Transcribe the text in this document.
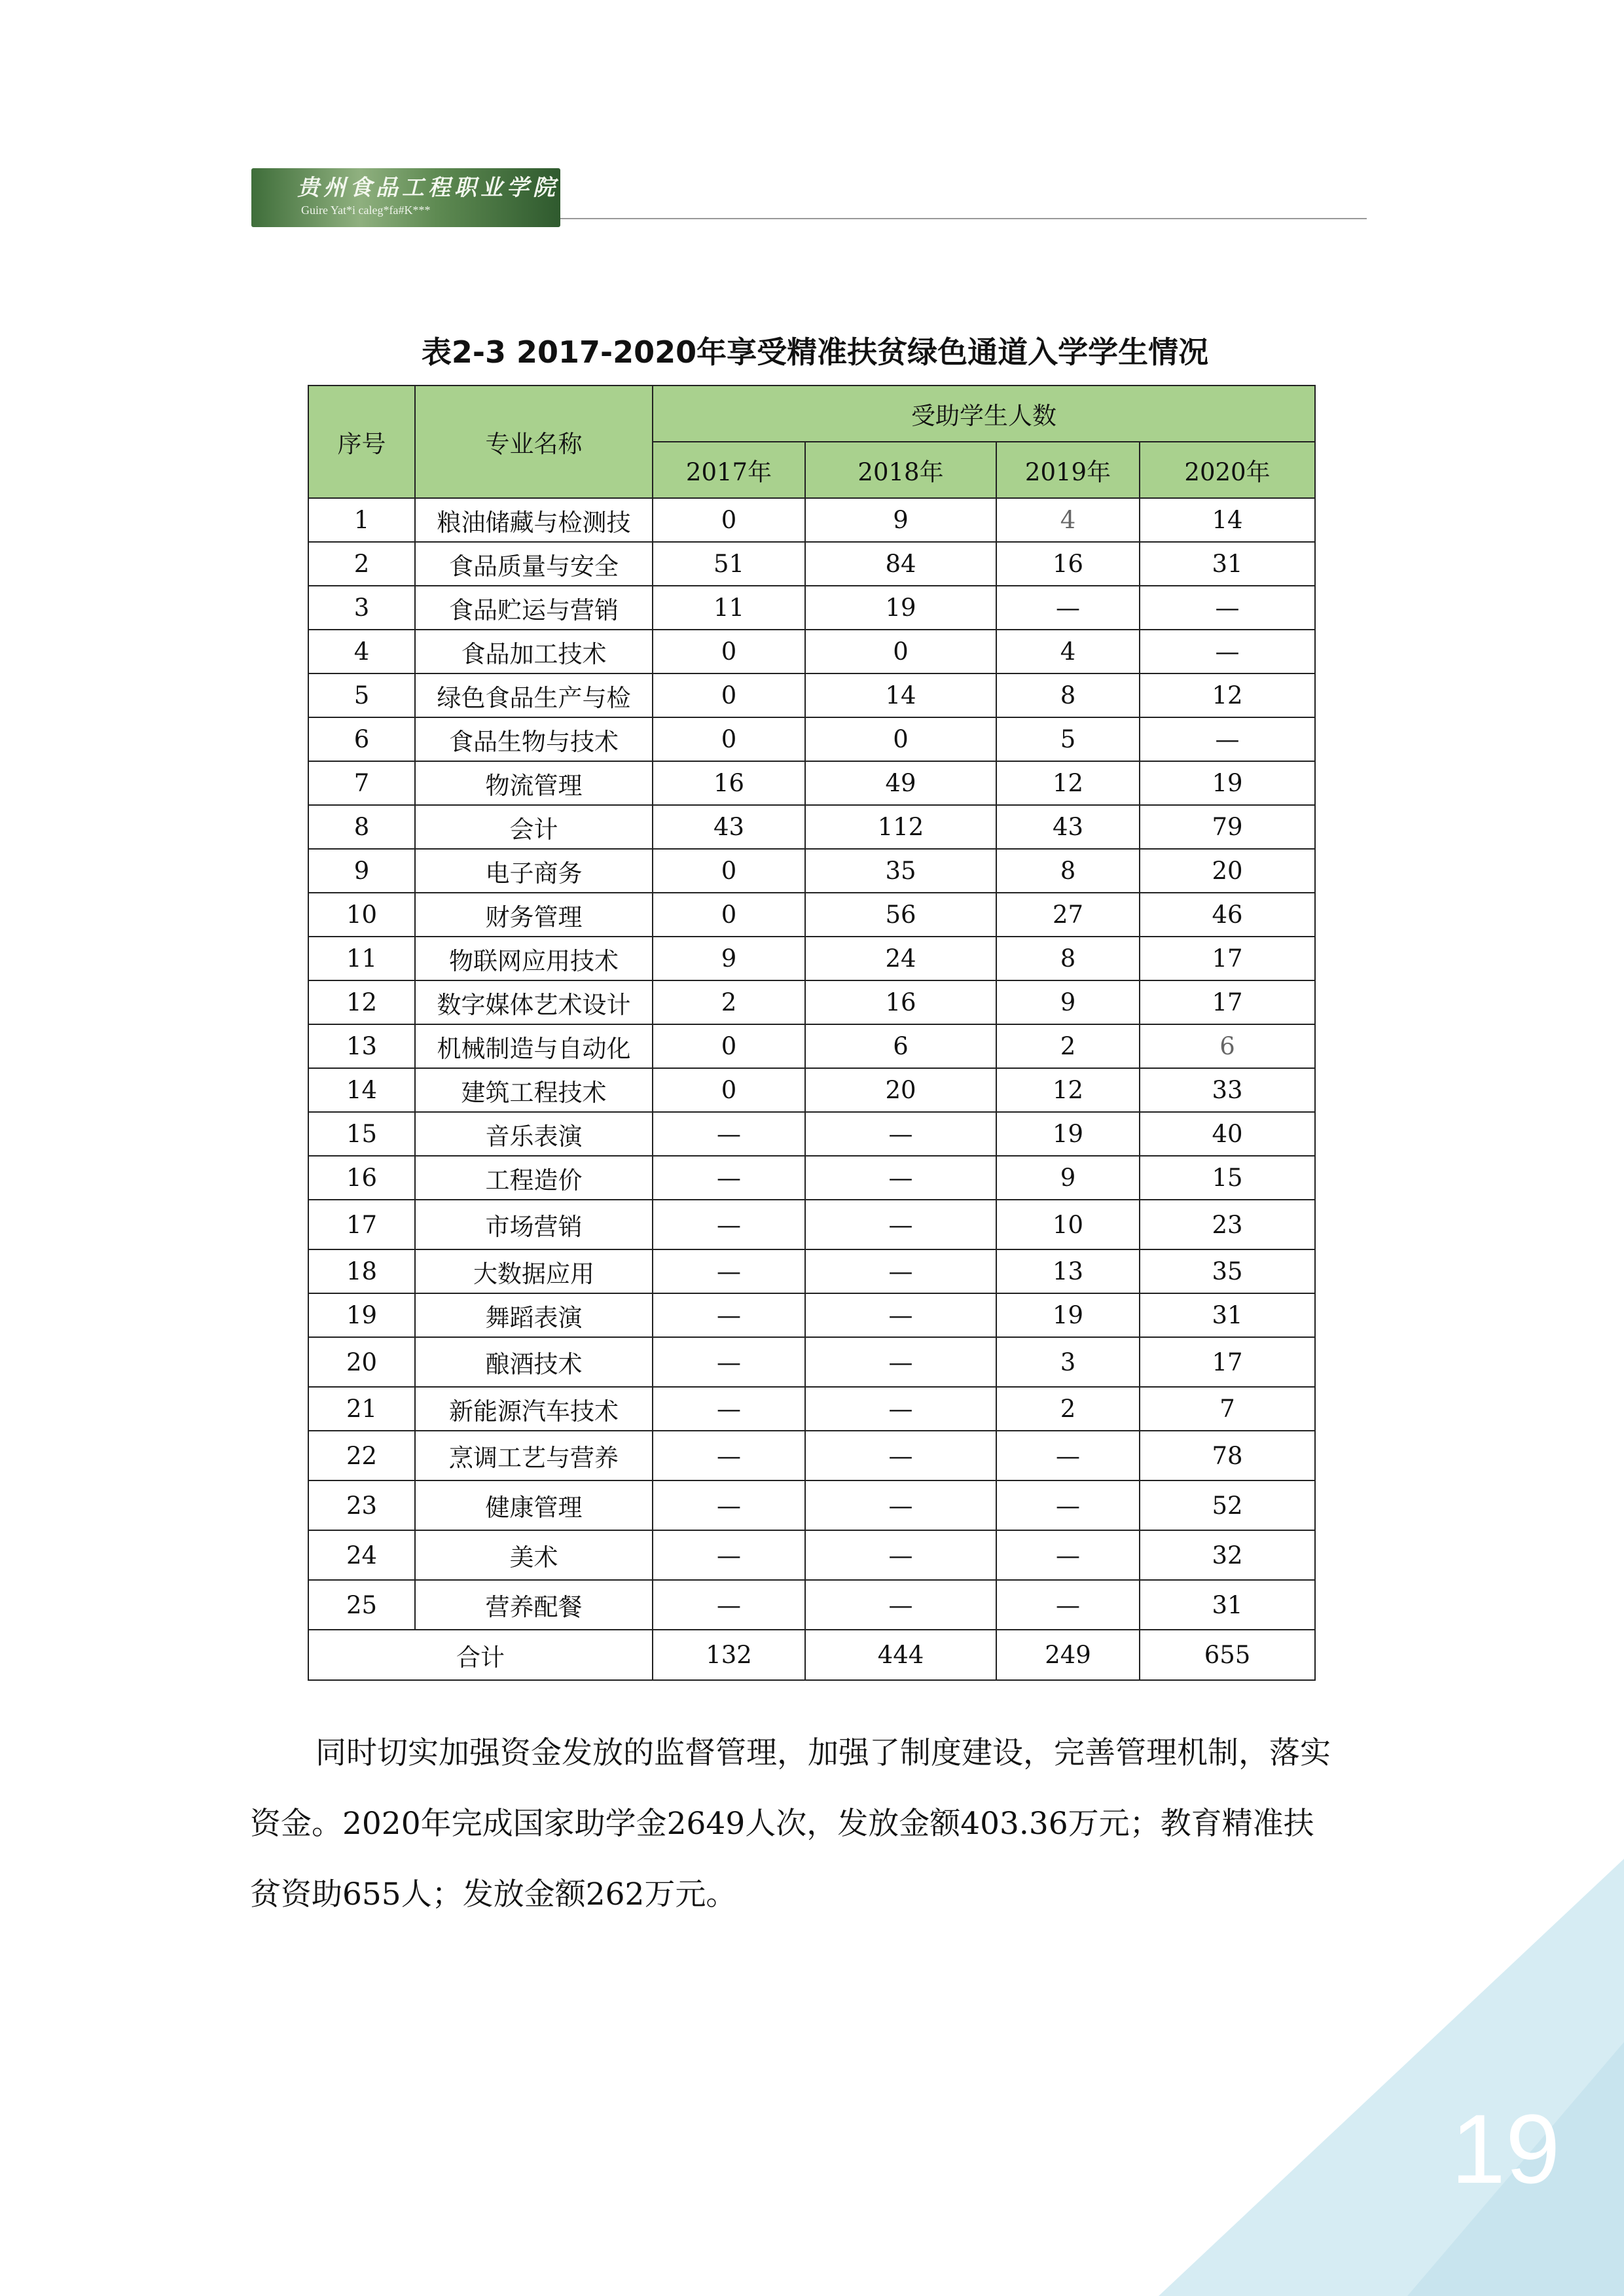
19
贵州食品工程职业学院
Guire Yat*i caleg*fa#K***
表2-3 2017-2020年享受精准扶贫绿色通道入学学生情况
序号	专业名称	受助学生人数			
		2017年	2018年	2019年	2020年
1	粮油储藏与检测技	0	9	4	14
2	食品质量与安全	51	84	16	31
3	食品贮运与营销	11	19	—	—
4	食品加工技术	0	0	4	—
5	绿色食品生产与检	0	14	8	12
6	食品生物与技术	0	0	5	—
7	物流管理	16	49	12	19
8	会计	43	112	43	79
9	电子商务	0	35	8	20
10	财务管理	0	56	27	46
11	物联网应用技术	9	24	8	17
12	数字媒体艺术设计	2	16	9	17
13	机械制造与自动化	0	6	2	6
14	建筑工程技术	0	20	12	33
15	音乐表演	—	—	19	40
16	工程造价	—	—	9	15
17	市场营销	—	—	10	23
18	大数据应用	—	—	13	35
19	舞蹈表演	—	—	19	31
20	酿酒技术	—	—	3	17
21	新能源汽车技术	—	—	2	7
22	烹调工艺与营养	—	—	—	78
23	健康管理	—	—	—	52
24	美术	—	—	—	32
25	营养配餐	—	—	—	31
合计		132	444	249	655

同时切实加强资金发放的监督管理，加强了制度建设，完善管理机制，落实

资金。2020年完成国家助学金2649人次，发放金额403.36万元；教育精准扶

贫资助655人；发放金额262万元。
